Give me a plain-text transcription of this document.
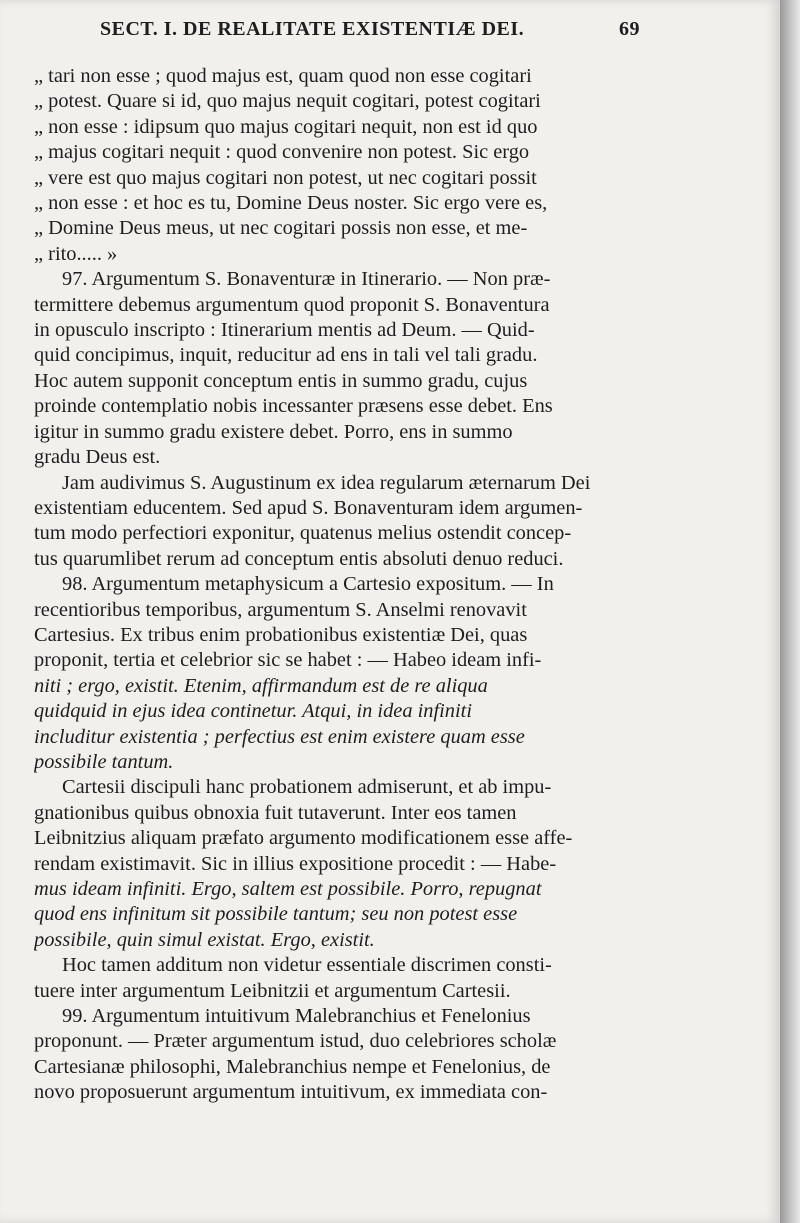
SECT. I. DE REALITATE EXISTENTIÆ DEI.	69
„ tari non esse ; quod majus est, quam quod non esse cogitari
„ potest. Quare si id, quo majus nequit cogitari, potest cogitari
„ non esse : idipsum quo majus cogitari nequit, non est id quo
„ majus cogitari nequit : quod convenire non potest. Sic ergo
„ vere est quo majus cogitari non potest, ut nec cogitari possit
„ non esse : et hoc es tu, Domine Deus noster. Sic ergo vere es,
„ Domine Deus meus, ut nec cogitari possis non esse, et me-
„ rito..... »
97. Argumentum S. Bonaventuræ in Itinerario. — Non præ-
termittere debemus argumentum quod proponit S. Bonaventura
in opusculo inscripto : Itinerarium mentis ad Deum. — Quid-
quid concipimus, inquit, reducitur ad ens in tali vel tali gradu.
Hoc autem supponit conceptum entis in summo gradu, cujus
proinde contemplatio nobis incessanter præsens esse debet. Ens
igitur in summo gradu existere debet. Porro, ens in summo
gradu Deus est.
Jam audivimus S. Augustinum ex idea regularum æternarum Dei
existentiam educentem. Sed apud S. Bonaventuram idem argumen-
tum modo perfectiori exponitur, quatenus melius ostendit concep-
tus quarumlibet rerum ad conceptum entis absoluti denuo reduci.
98. Argumentum metaphysicum a Cartesio expositum. — In
recentioribus temporibus, argumentum S. Anselmi renovavit
Cartesius. Ex tribus enim probationibus existentiæ Dei, quas
proponit, tertia et celebrior sic se habet : — Habeo ideam infi-
niti ; ergo, existit. Etenim, affirmandum est de re aliqua
quidquid in ejus idea continetur. Atqui, in idea infiniti
includitur existentia ; perfectius est enim existere quam esse
possibile tantum.
Cartesii discipuli hanc probationem admiserunt, et ab impu-
gnationibus quibus obnoxia fuit tutaverunt. Inter eos tamen
Leibnitzius aliquam præfato argumento modificationem esse affe-
rendam existimavit. Sic in illius expositione procedit : — Habe-
mus ideam infiniti. Ergo, saltem est possibile. Porro, repugnat
quod ens infinitum sit possibile tantum; seu non potest esse
possibile, quin simul existat. Ergo, existit.
Hoc tamen additum non videtur essentiale discrimen consti-
tuere inter argumentum Leibnitzii et argumentum Cartesii.
99. Argumentum intuitivum Malebranchius et Fenelonius
proponunt. — Præter argumentum istud, duo celebriores scholæ
Cartesianæ philosophi, Malebranchius nempe et Fenelonius, de
novo proposuerunt argumentum intuitivum, ex immediata con-
